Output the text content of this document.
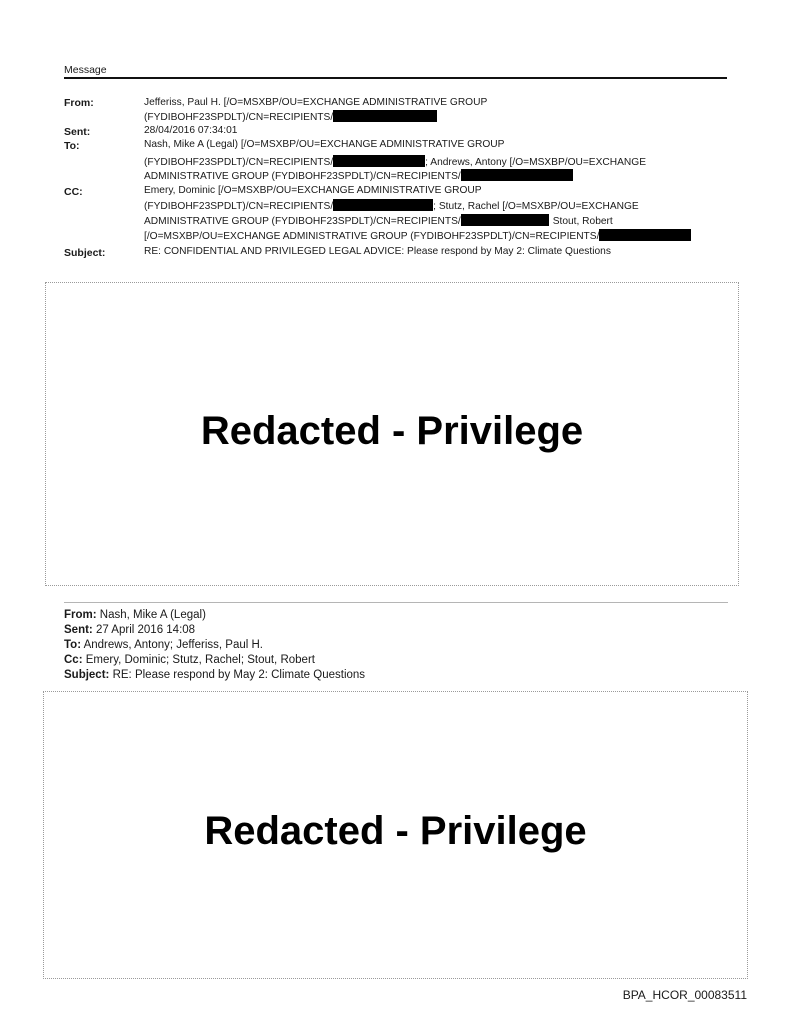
Message
From:	Jefferiss, Paul H. [/O=MSXBP/OU=EXCHANGE ADMINISTRATIVE GROUP
(FYDIBOHF23SPDLT)/CN=RECIPIENTS/
Sent:	28/04/2016 07:34:01
To:	Nash, Mike A (Legal) [/O=MSXBP/OU=EXCHANGE ADMINISTRATIVE GROUP
(FYDIBOHF23SPDLT)/CN=RECIPIENTS/	; Andrews, Antony [/O=MSXBP/OU=EXCHANGE
ADMINISTRATIVE GROUP (FYDIBOHF23SPDLT)/CN=RECIPIENTS/
CC:	Emery, Dominic [/O=MSXBP/OU=EXCHANGE ADMINISTRATIVE GROUP
(FYDIBOHF23SPDLT)/CN=RECIPIENTS/	; Stutz, Rachel [/O=MSXBP/OU=EXCHANGE
ADMINISTRATIVE GROUP (FYDIBOHF23SPDLT)/CN=RECIPIENTS/	Stout, Robert
[/O=MSXBP/OU=EXCHANGE ADMINISTRATIVE GROUP (FYDIBOHF23SPDLT)/CN=RECIPIENTS/
Subject:	RE: CONFIDENTIAL AND PRIVILEGED LEGAL ADVICE: Please respond by May 2: Climate Questions
Redacted - Privilege
From: Nash, Mike A (Legal)
Sent: 27 April 2016 14:08
To: Andrews, Antony; Jefferiss, Paul H.
Cc: Emery, Dominic; Stutz, Rachel; Stout, Robert
Subject: RE: Please respond by May 2: Climate Questions
Redacted - Privilege
BPA_HCOR_00083511
